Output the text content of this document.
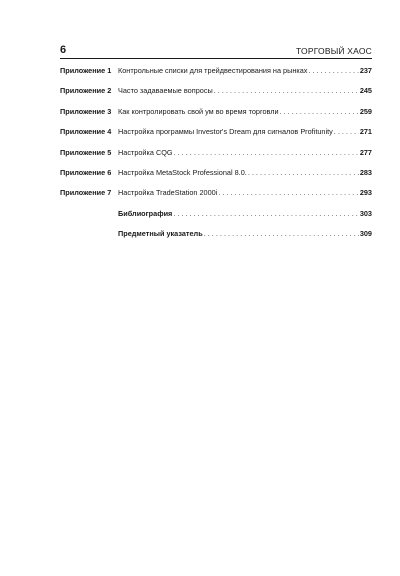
6	ТОРГОВЫЙ ХАОС
Приложение 1 Контрольные списки для трейдвестирования на рынках . . .	237
Приложение 2 Часто задаваемые вопросы . . .	245
Приложение 3 Как контролировать свой ум во время торговли . . .	259
Приложение 4 Настройка программы Investor's Dream для сигналов Profitunity . . .	271
Приложение 5 Настройка CQG . . .	277
Приложение 6 Настройка MetaStock Professional 8.0. . . .	283
Приложение 7 Настройка TradeStation 2000i . . .	293
Библиография . . .	303
Предметный указатель . . .	309
